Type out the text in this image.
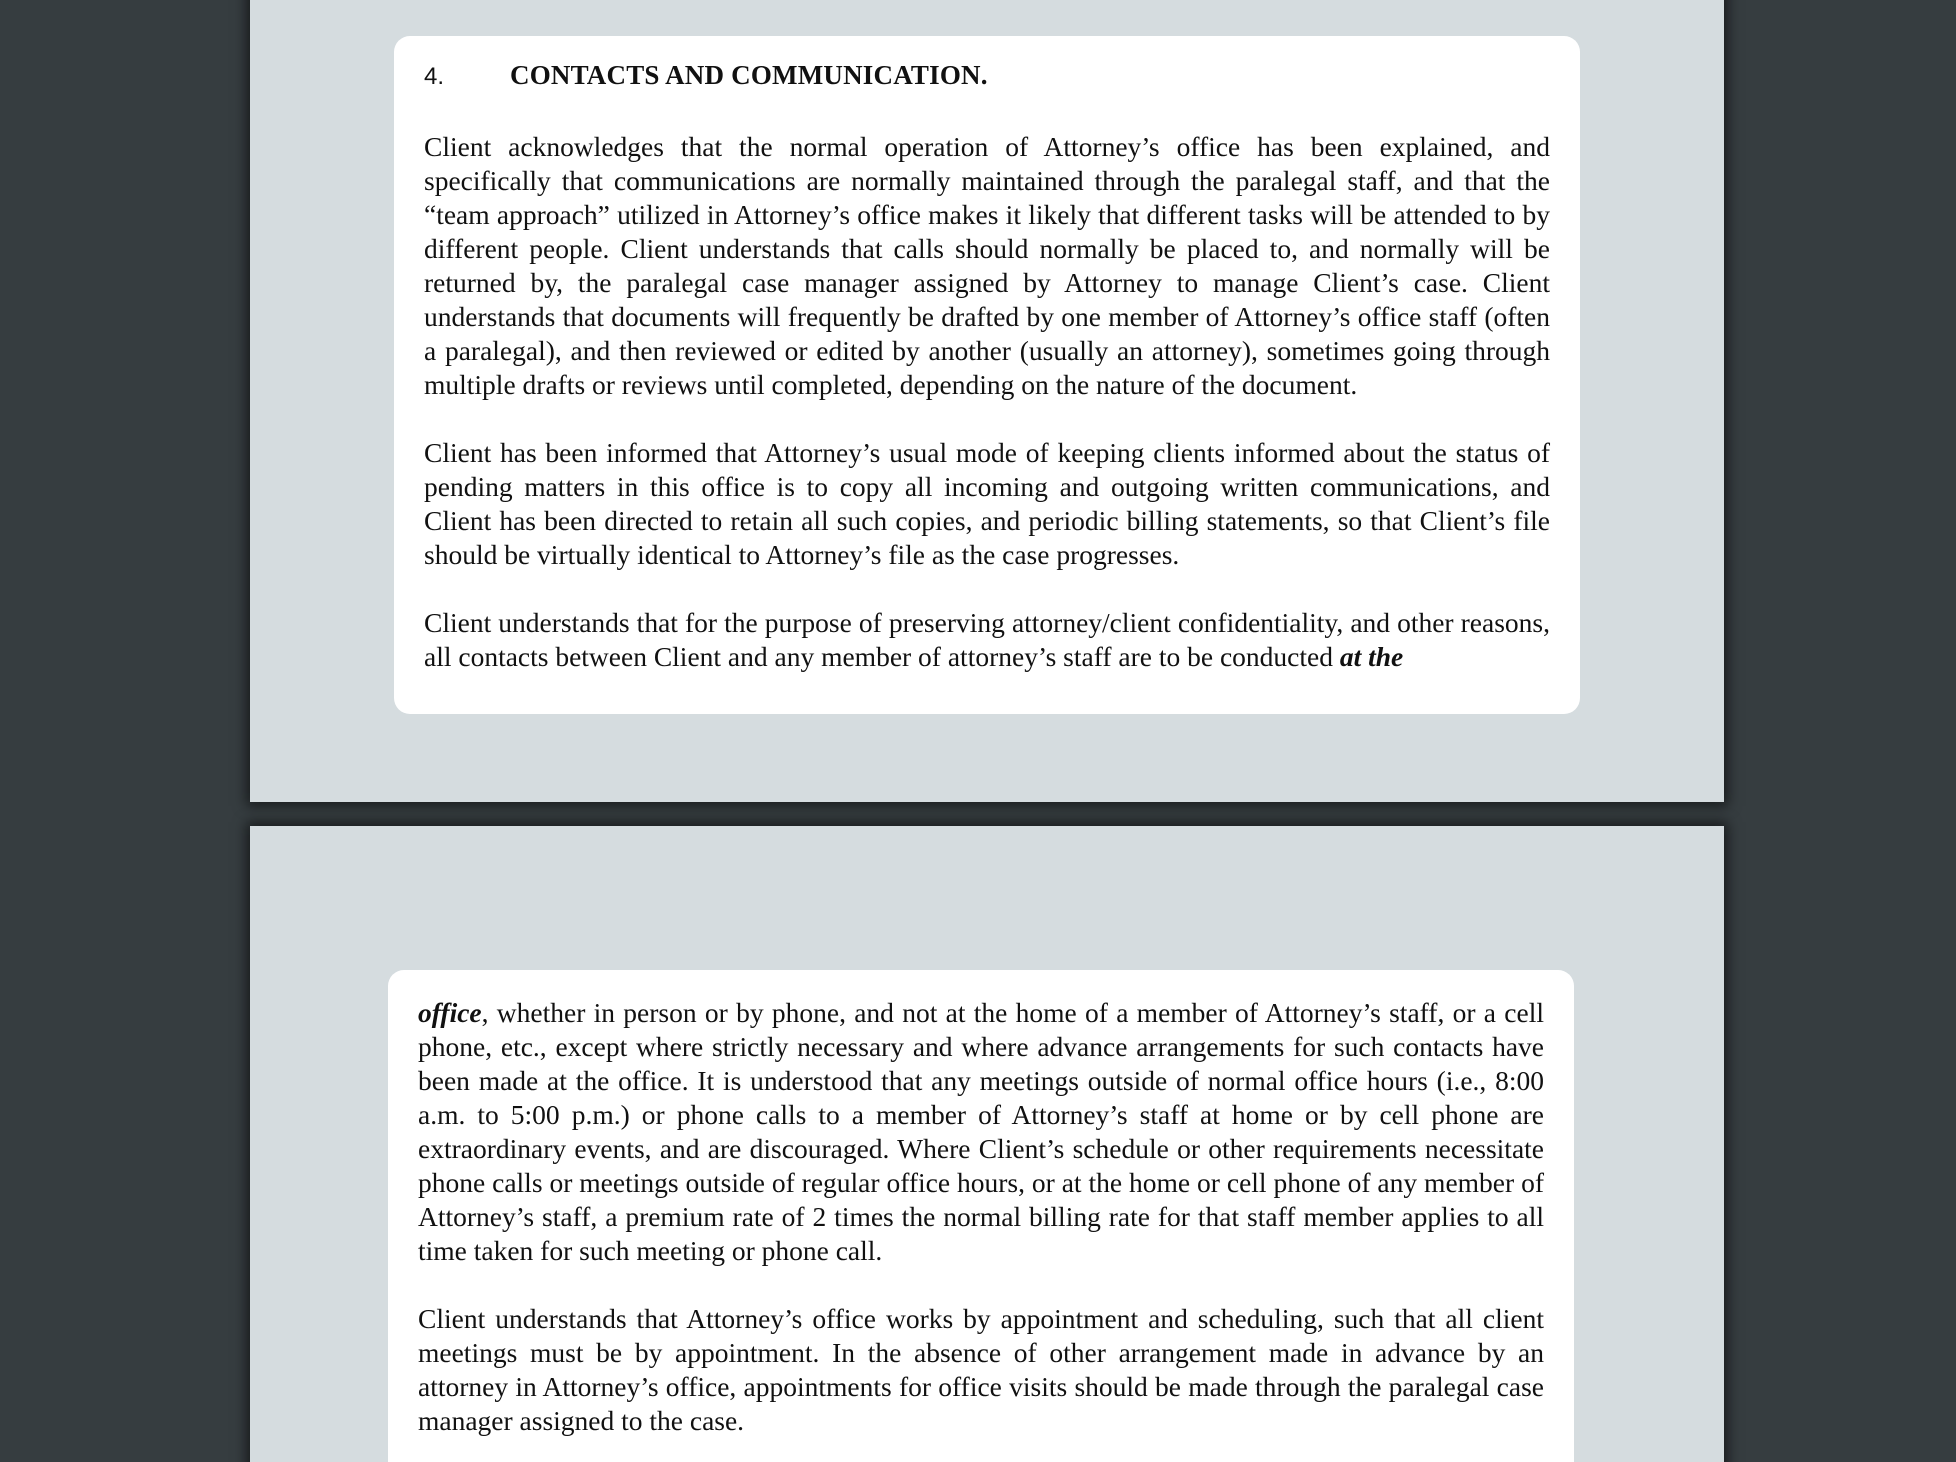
4.	CONTACTS AND COMMUNICATION.

Client acknowledges that the normal operation of Attorney’s office has been explained, and specifically that communications are normally maintained through the paralegal staff, and that the “team approach” utilized in Attorney’s office makes it likely that different tasks will be attended to by different people. Client understands that calls should normally be placed to, and normally will be returned by, the paralegal case manager assigned by Attorney to manage Client’s case. Client understands that documents will frequently be drafted by one member of Attorney’s office staff (often a paralegal), and then reviewed or edited by another (usually an attorney), sometimes going through multiple drafts or reviews until completed, depending on the nature of the document.

Client has been informed that Attorney’s usual mode of keeping clients informed about the status of pending matters in this office is to copy all incoming and outgoing written communications, and Client has been directed to retain all such copies, and periodic billing statements, so that Client’s file should be virtually identical to Attorney’s file as the case progresses.

Client understands that for the purpose of preserving attorney/client confidentiality, and other reasons, all contacts between Client and any member of attorney’s staff are to be conducted at the

office, whether in person or by phone, and not at the home of a member of Attorney’s staff, or a cell phone, etc., except where strictly necessary and where advance arrangements for such contacts have been made at the office. It is understood that any meetings outside of normal office hours (i.e., 8:00 a.m. to 5:00 p.m.) or phone calls to a member of Attorney’s staff at home or by cell phone are extraordinary events, and are discouraged. Where Client’s schedule or other requirements necessitate phone calls or meetings outside of regular office hours, or at the home or cell phone of any member of Attorney’s staff, a premium rate of 2 times the normal billing rate for that staff member applies to all time taken for such meeting or phone call.

Client understands that Attorney’s office works by appointment and scheduling, such that all client meetings must be by appointment. In the absence of other arrangement made in advance by an attorney in Attorney’s office, appointments for office visits should be made through the paralegal case manager assigned to the case.
